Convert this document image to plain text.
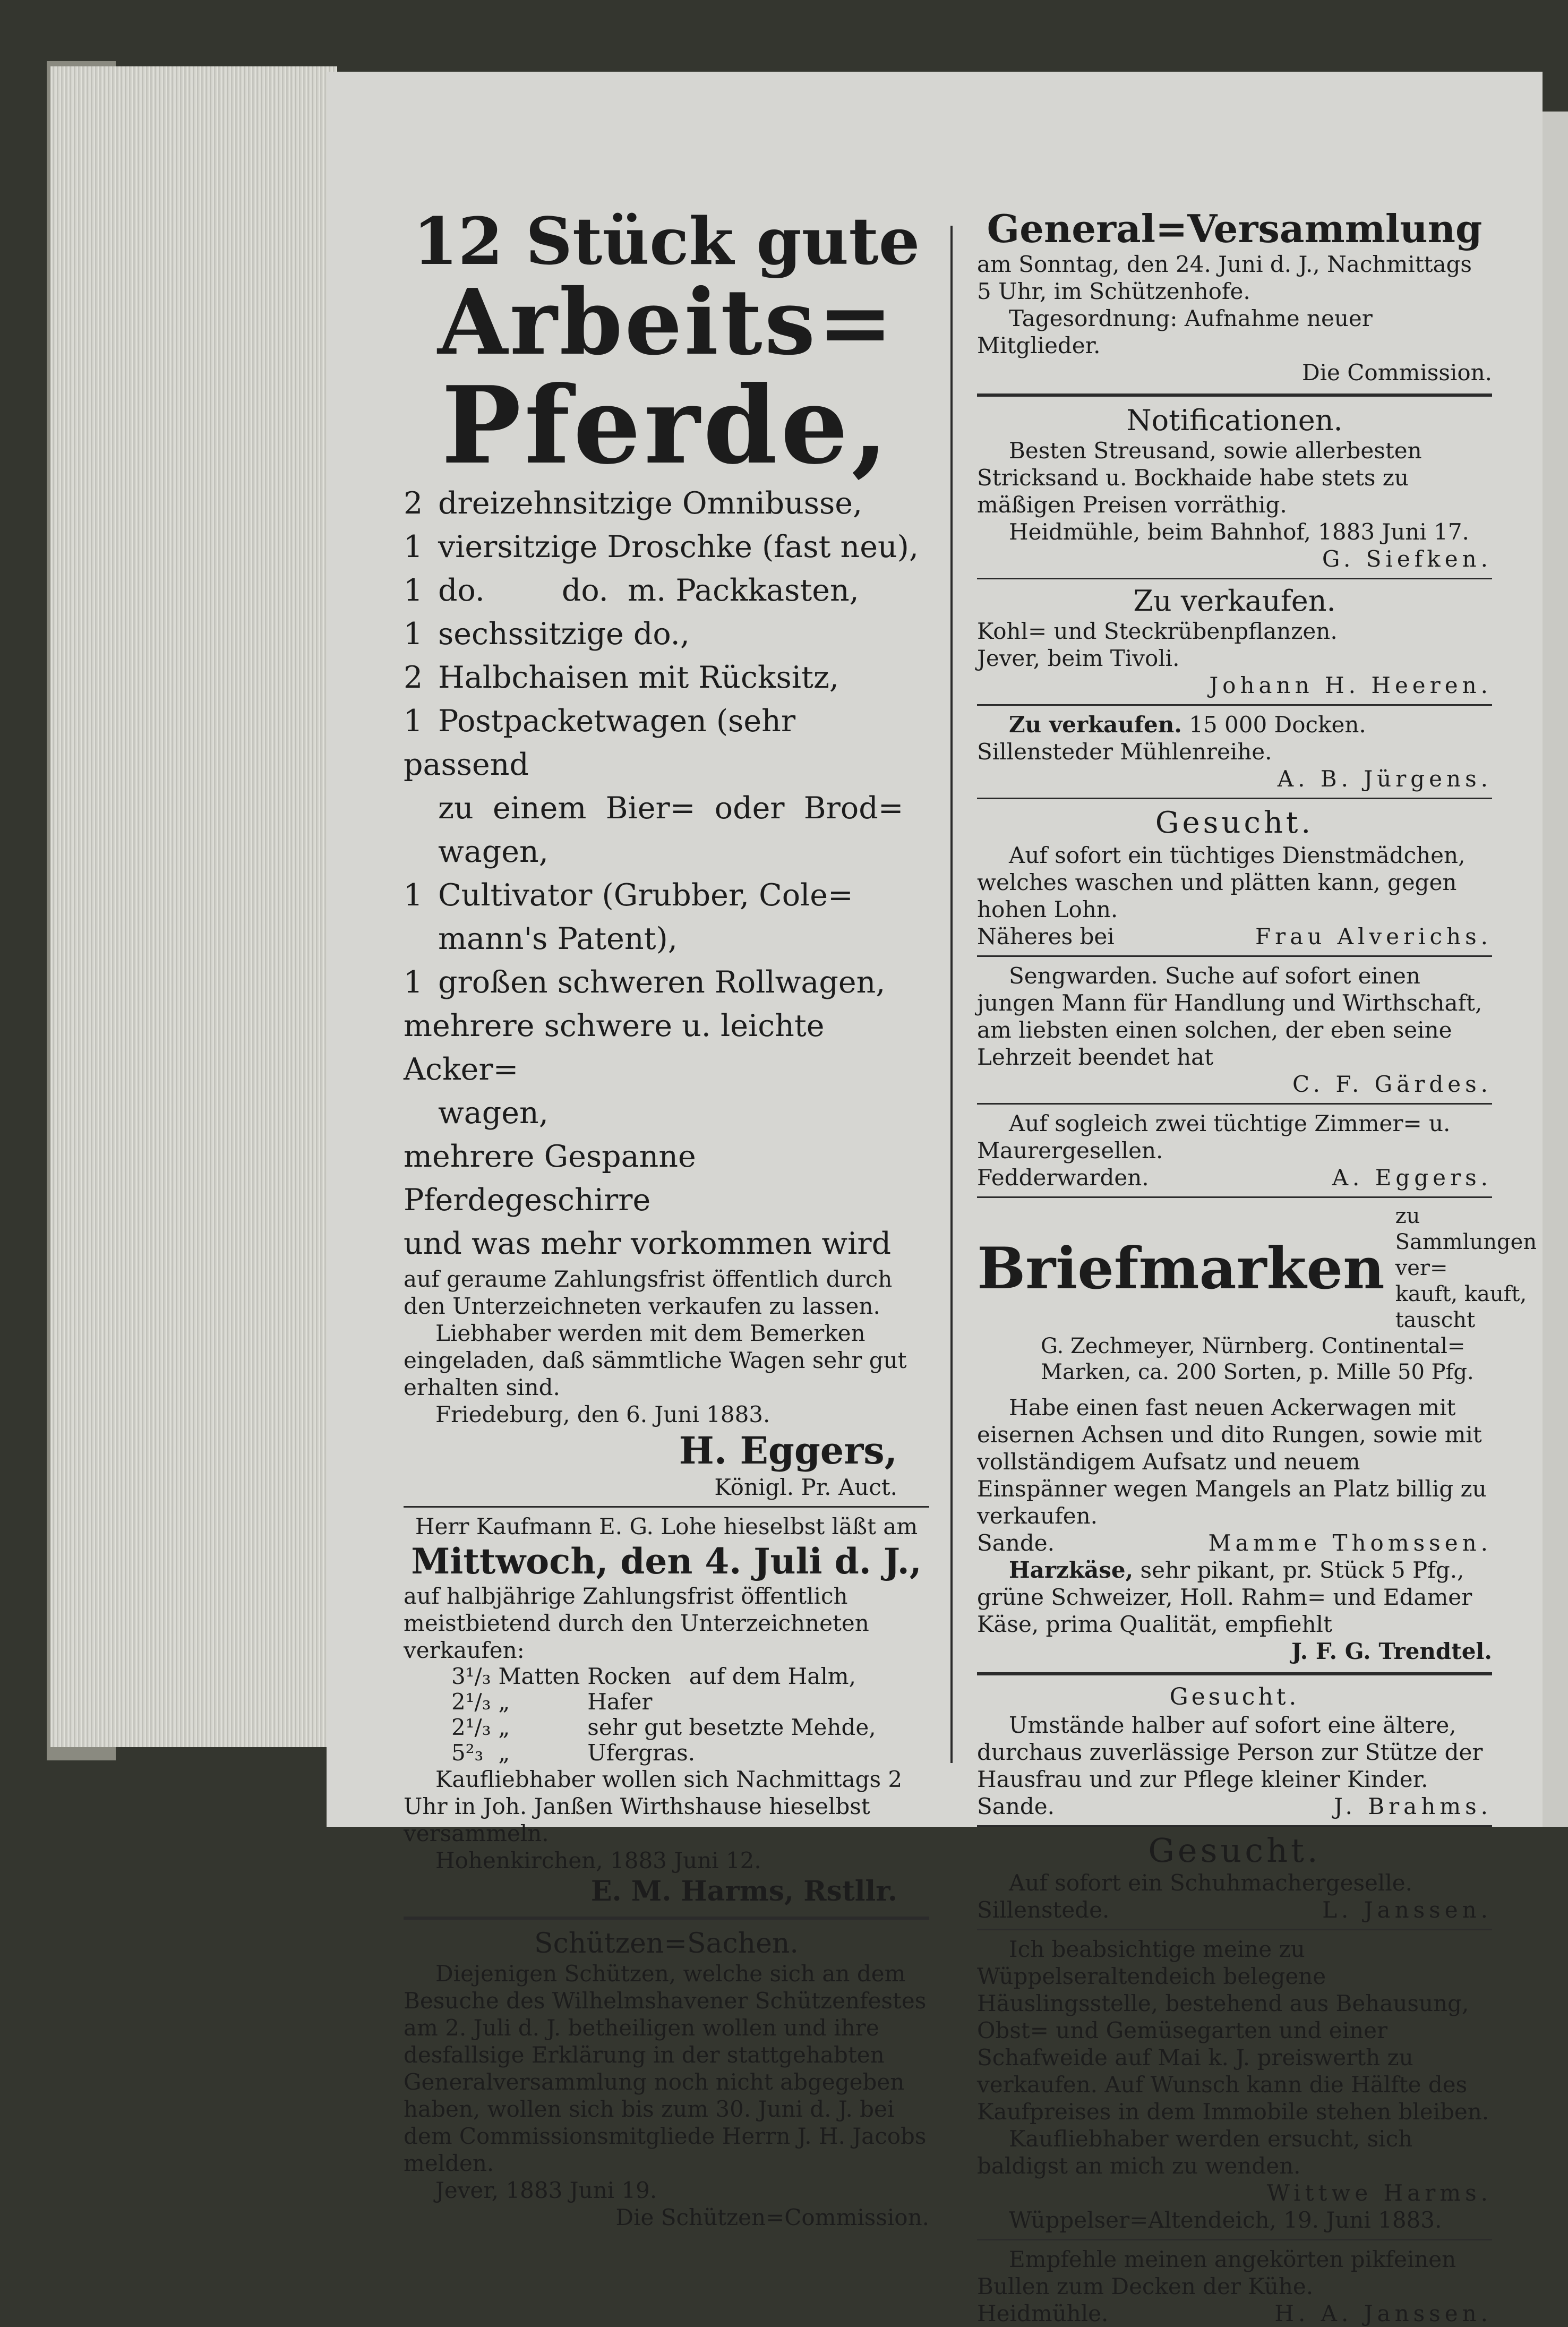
12 Stück gute
Arbeits=
Pferde,
2 dreizehnsitzige Omnibusse,
1 viersitzige Droschke (fast neu),
1 do.        do.  m. Packkasten,
1 sechssitzige do.,
2 Halbchaisen mit Rücksitz,
1 Postpacketwagen (sehr passend
zu  einem  Bier=  oder  Brod=
wagen,
1 Cultivator (Grubber, Cole=
mann's Patent),
1 großen schweren Rollwagen,
mehrere schwere u. leichte Acker=
wagen,
mehrere Gespanne Pferdegeschirre
und was mehr vorkommen wird
auf geraume Zahlungsfrist öffentlich durch den Unterzeichneten verkaufen zu lassen.
Liebhaber werden mit dem Bemerken eingeladen, daß sämmtliche Wagen sehr gut erhalten sind.
Friedeburg, den 6. Juni 1883.
H. Eggers,
Königl. Pr. Auct.
Herr Kaufmann E. G. Lohe hieselbst läßt am
Mittwoch, den 4. Juli d. J.,
auf halbjährige Zahlungsfrist öffentlich meistbietend durch den Unterzeichneten verkaufen:
3¹/₃	Matten	Rocken	auf dem Halm,
2¹/₃	„	Hafer	
2¹/₃	„	sehr gut besetzte Mehde,	
5²₃	„	Ufergras.	
Kaufliebhaber wollen sich Nachmittags 2 Uhr in Joh. Janßen Wirthshause hieselbst versammeln.
Hohenkirchen, 1883 Juni 12.
E. M. Harms, Rstllr.
Schützen=Sachen.
Diejenigen Schützen, welche sich an dem Besuche des Wilhelmshavener Schützenfestes am 2. Juli d. J. betheiligen wollen und ihre desfallsige Erklärung in der stattgehabten Generalversammlung noch nicht abgegeben haben, wollen sich bis zum 30. Juni d. J. bei dem Commissionsmitgliede Herrn J. H. Jacobs melden.
Jever, 1883 Juni 19.
Die Schützen=Commission.
General=Versammlung
am Sonntag, den 24. Juni d. J., Nachmittags 5 Uhr, im Schützenhofe.
Tagesordnung: Aufnahme neuer Mitglieder.
Die Commission.
Notificationen.
Besten Streusand, sowie allerbesten Stricksand u. Bockhaide habe stets zu mäßigen Preisen vorräthig.
Heidmühle, beim Bahnhof, 1883 Juni 17.
G. Siefken.
Zu verkaufen.
Kohl= und Steckrübenpflanzen.
Jever, beim Tivoli.
Johann H. Heeren.
Zu verkaufen. 15 000 Docken.
Sillensteder Mühlenreihe.
A. B. Jürgens.
Gesucht.
Auf sofort ein tüchtiges Dienstmädchen, welches waschen und plätten kann, gegen hohen Lohn.
Näheres bei	Frau Alverichs.
Sengwarden. Suche auf sofort einen jungen Mann für Handlung und Wirthschaft, am liebsten einen solchen, der eben seine Lehrzeit beendet hat
C. F. Gärdes.
Auf sogleich zwei tüchtige Zimmer= u. Maurergesellen.
Fedderwarden.	A. Eggers.
Briefmarken
zu Sammlungen ver=
kauft, kauft, tauscht
G. Zechmeyer, Nürnberg. Continental=
Marken, ca. 200 Sorten, p. Mille 50 Pfg.
Habe einen fast neuen Ackerwagen mit eisernen Achsen und dito Rungen, sowie mit vollständigem Aufsatz und neuem Einspänner wegen Mangels an Platz billig zu verkaufen.
Sande.	Mamme Thomssen.
Harzkäse, sehr pikant, pr. Stück 5 Pfg., grüne Schweizer, Holl. Rahm= und Edamer Käse, prima Qualität, empfiehlt
J. F. G. Trendtel.
Gesucht.
Umstände halber auf sofort eine ältere, durchaus zuverlässige Person zur Stütze der Hausfrau und zur Pflege kleiner Kinder.
Sande.	J. Brahms.
Gesucht.
Auf sofort ein Schuhmachergeselle.
Sillenstede.	L. Janssen.
Ich beabsichtige meine zu Wüppelseraltendeich belegene Häuslingsstelle, bestehend aus Behausung, Obst= und Gemüsegarten und einer Schafweide auf Mai k. J. preiswerth zu verkaufen. Auf Wunsch kann die Hälfte des Kaufpreises in dem Immobile stehen bleiben.
Kaufliebhaber werden ersucht, sich baldigst an mich zu wenden.
Wittwe Harms.
Wüppelser=Altendeich, 19. Juni 1883.
Empfehle meinen angekörten pikfeinen Bullen zum Decken der Kühe.
Heidmühle.	H. A. Janssen.
